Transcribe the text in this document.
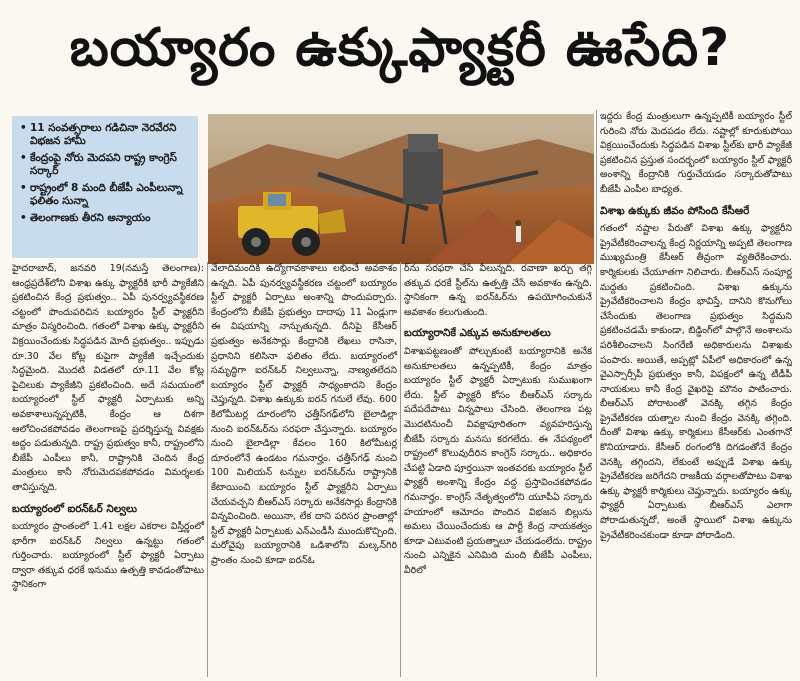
బయ్యారం ఉక్కుఫ్యాక్టరీ ఊసేది?
• 11 సంవత్సరాలు గడిచినా నెరవేరని విభజన హామీ
• కేంద్రంపై నోరు మెదపని రాష్ట్ర కాంగ్రెస్ సర్కార్
• రాష్ట్రంలో 8 మంది బీజేపీ ఎంపీలున్నా ఫలితం సున్నా
• తెలంగాణకు తీరని అన్యాయం

హైదరాబాద్, జనవరి 19(నమస్తే తెలంగాణ): ఆంధ్రప్రదేశ్‌లోని విశాఖ ఉక్కు ఫ్యాక్టరీకి భారీ ప్యాకేజీని ప్రకటించిన కేంద్ర ప్రభుత్వం.. ఏపీ పునర్వ్యవస్థీకరణ చట్టంలో పొందుపరిచిన బయ్యారం స్టీల్ ఫ్యాక్టరీని మాత్రం విస్మరించింది. గతంలో విశాఖ ఉక్కు ఫ్యాక్టరీని విక్రయించేందుకు సిద్ధపడిన మోదీ ప్రభుత్వం.. ఇప్పుడు రూ.30 వేల కోట్ల కుపైగా ప్యాకేజీ ఇచ్చేందుకు సిద్ధమైంది. మొదటి విడతలో రూ.11 వేల కోట్ల పైచిలుకు ప్యాకేజీని ప్రకటించింది. అదే సమయంలో బయ్యారంలో స్టీల్ ఫ్యాక్టరీ ఏర్పాటుకు అన్ని అవకాశాలున్నప్పటికీ, కేంద్రం ఆ దిశగా ఆలోచించకపోవడం తెలంగాణపై ప్రదర్శిస్తున్న వివక్షకు అద్దం పడుతున్నది. రాష్ట్ర ప్రభుత్వం కానీ, రాష్ట్రంలోని బీజేపీ ఎంపీలు కానీ, రాష్ట్రానికి చెందిన కేంద్ర మంత్రులు కానీ నోరుమెదపకపోవడం విమర్శలకు తావిస్తున్నది.

బయ్యారంలో ఐరన్‌ఓర్ నిల్వలు

బయ్యారం ప్రాంతంలో 1.41 లక్షల ఎకరాల విస్తీర్ణంలో భారీగా ఐరన్‌ఓర్ నిల్వలు ఉన్నట్టు గతంలో గుర్తించారు. బయ్యారంలో స్టీల్ ఫ్యాక్టరీ ఏర్పాటు ద్వారా తక్కువ ధరకే ఇనుము ఉత్పత్తి కావడంతోపాటు స్థానికంగా

వేలాదిమందికి ఉద్యోగావకాశాలు లభించే అవకాశం ఉన్నది. ఏపీ పునర్వ్యవస్థీకరణ చట్టంలో బయ్యారం స్టీల్ ఫ్యాక్టరీ ఏర్పాటు అంశాన్ని పొందుపర్చారు. కేంద్రంలోని బీజేపీ ప్రభుత్వం దాదాపు 11 ఏండ్లుగా ఈ విషయాన్ని నాన్చుతున్నది. దీనిపై కేసీఆర్ ప్రభుత్వం అనేకసార్లు కేంద్రానికి లేఖలు రాసినా, ప్రధానిని కలిసినా ఫలితం లేదు. బయ్యారంలో సమృద్ధిగా ఐరన్‌ఓర్ నిల్వలున్నా, నాణ్యతలేదని బయ్యారం స్టీల్ ఫ్యాక్టరీ సాధ్యంకాదని కేంద్రం చెప్తున్నది. విశాఖ ఉక్కుకు ఐరన్ గనులే లేవు. 600 కిలోమీటర్ల దూరంలోని ఛత్తీస్‌గఢ్‌లోని బైలాడిల్లా నుంచి ఐరన్‌ఓర్‌ను సరఫరా చేస్తున్నారు. బయ్యారం నుంచి బైలాడిల్లా కేవలం 160 కిలోమీటర్ల దూరంలోనే ఉండటం గమనార్హం. ఛత్తీస్‌గఢ్ నుంచి 100 మిలియన్ టన్నుల ఐరన్‌ఓర్‌ను రాష్ట్రానికి కేటాయించి బయ్యారం స్టీల్ ఫ్యాక్టరీని ఏర్పాటు చేయవచ్చని బీఆర్ఎస్ సర్కారు అనేకసార్లు కేంద్రానికి విన్నవించింది. అయినా, లేక దాని పరిసర ప్రాంతాల్లో స్టీల్ ఫ్యాక్టరీ ఏర్పాటుకు ఎన్ఎండీసీ ముందుకొచ్చింది. మరోవైపు బయ్యారానికి ఒడిశాలోని మల్కన్‌గిరి ప్రాంతం నుంచి కూడా ఐరన్‌ఓ

ర్‌ను సరఫరా చేసే వీలున్నది. రవాణా ఖర్చు తగ్గి తక్కువ ధరకే స్టీల్‌ను ఉత్పత్తి చేసే అవకాశం ఉన్నది. స్థానికంగా ఉన్న ఐరన్‌ఓర్‌ను ఉపయోగించుకునే అవకాశం కలుగుతుంది.

బయ్యారానికే ఎక్కువ అనుకూలతలు

విశాఖపట్టణంతో పోల్చుకుంటే బయ్యారానికి అనేక అనుకూలతలు ఉన్నప్పటికీ, కేంద్రం మాత్రం బయ్యారం స్టీల్ ఫ్యాక్టరీ ఏర్పాటుకు సుముఖంగా లేదు. స్టీల్ ఫ్యాక్టరీ కోసం బీఆర్ఎస్ సర్కారు పదేపదేపాటు విన్నపాలు చేసింది. తెలంగాణ పట్ల మొదటినుంచీ వివక్షాపూరితంగా వ్యవహరిస్తున్న బీజేపీ సర్కారు మనసు కరగలేదు. ఈ నేపథ్యంలో రాష్ట్రంలో కొలువుదీరిన కాంగ్రెస్ సర్కారు.. అధికారం చేపట్టి ఏడాది పూర్తయినా ఇంతవరకు బయ్యారం స్టీల్ ఫ్యాక్టరీ అంశాన్ని కేంద్రం వద్ద ప్రస్తావించకపోవడం గమనార్హం. కాంగ్రెస్ నేతృత్వంలోని యూపీఏ సర్కారు హయాంలో ఆమోదం పొందిన విభజన బిల్లును అమలు చేయించేందుకు ఆ పార్టీ కేంద్ర నాయకత్వం కూడా ఎటువంటి ప్రయత్నాలూ చేయడంలేదు. రాష్ట్రం నుంచి ఎన్నికైన ఎనిమిది మంది బీజేపీ ఎంపీలు, వీరిలో

ఇద్దరు కేంద్ర మంత్రులుగా ఉన్నప్పటికీ బయ్యారం స్టీల్ గురించి నోరు మెదపడం లేదు. నష్టాల్లో కూరుకుపోయి విక్రయించేందుకు సిద్ధపడిన విశాఖ స్టీల్‌కు భారీ ప్యాకేజీ ప్రకటించిన ప్రస్తుత సందర్భంలో బయ్యారం స్టీల్ ఫ్యాక్టరీ అంశాన్ని కేంద్రానికి గుర్తుచేయడం సర్కారుతోపాటు బీజేపీ ఎంపీల బాధ్యత.

విశాఖ ఉక్కుకు జీవం పోసింది కేసీఆరే

గతంలో నష్టాల పేరుతో విశాఖ ఉక్కు ఫ్యాక్టరీని ప్రైవేటీకరించాలన్న కేంద్ర నిర్ణయాన్ని అప్పటి తెలంగాణ ముఖ్యమంత్రి కేసీఆర్ తీవ్రంగా వ్యతిరేకించారు. కార్మికులకు చేయూతగా నిలిచారు. బీఆర్ఎస్ సంపూర్ణ మద్దతు ప్రకటించింది. విశాఖ ఉక్కును ప్రైవేటీకరించాలని కేంద్రం భావిస్తే, దానిని కొనుగోలు చేసేందుకు తెలంగాణ ప్రభుత్వం సిద్ధమని ప్రకటించడమే కాకుండా, బిడ్డింగ్‌లో పాల్గొనే అంశాలను పరిశీలించాలని సింగరేణి అధికారులను విశాఖకు పంపారు. అయితే, అప్పట్లో ఏపీలో అధికారంలో ఉన్న వైఎస్సార్సీపీ ప్రభుత్వం కానీ, విపక్షంలో ఉన్న టీడీపీ నాయకులు కానీ కేంద్ర వైఖరిపై మౌనం పాటించారు. బీఆర్ఎస్ పోరాటంతో వెనక్కి తగ్గిన కేంద్రం ప్రైవేటీకరణ యత్నాల నుంచి కేంద్రం వెనక్కి తగ్గింది. దీంతో విశాఖ ఉక్కు కార్మికులు కేసీఆర్‌కు ఎంతగానో కొనియాడారు. కేసీఆర్ రంగంలోకి దిగడంతోనే కేంద్రం వెనక్కి తగ్గిందని, లేకుంటే అప్పుడే విశాఖ ఉక్కు ప్రైవేటీకరణ జరిగేదని రాజకీయ వర్గాలతోపాటు విశాఖ ఉక్కు ఫ్యాక్టరీ కార్మికులు చెప్తున్నారు. బయ్యారం ఉక్కు ఫ్యాక్టరీ ఏర్పాటుకు బీఆర్ఎస్ ఎలాగా పోరాడుతున్నదో, అంతే స్థాయిలో విశాఖ ఉక్కును ప్రైవేటీకరించకుండా కూడా పోరాడింది.
